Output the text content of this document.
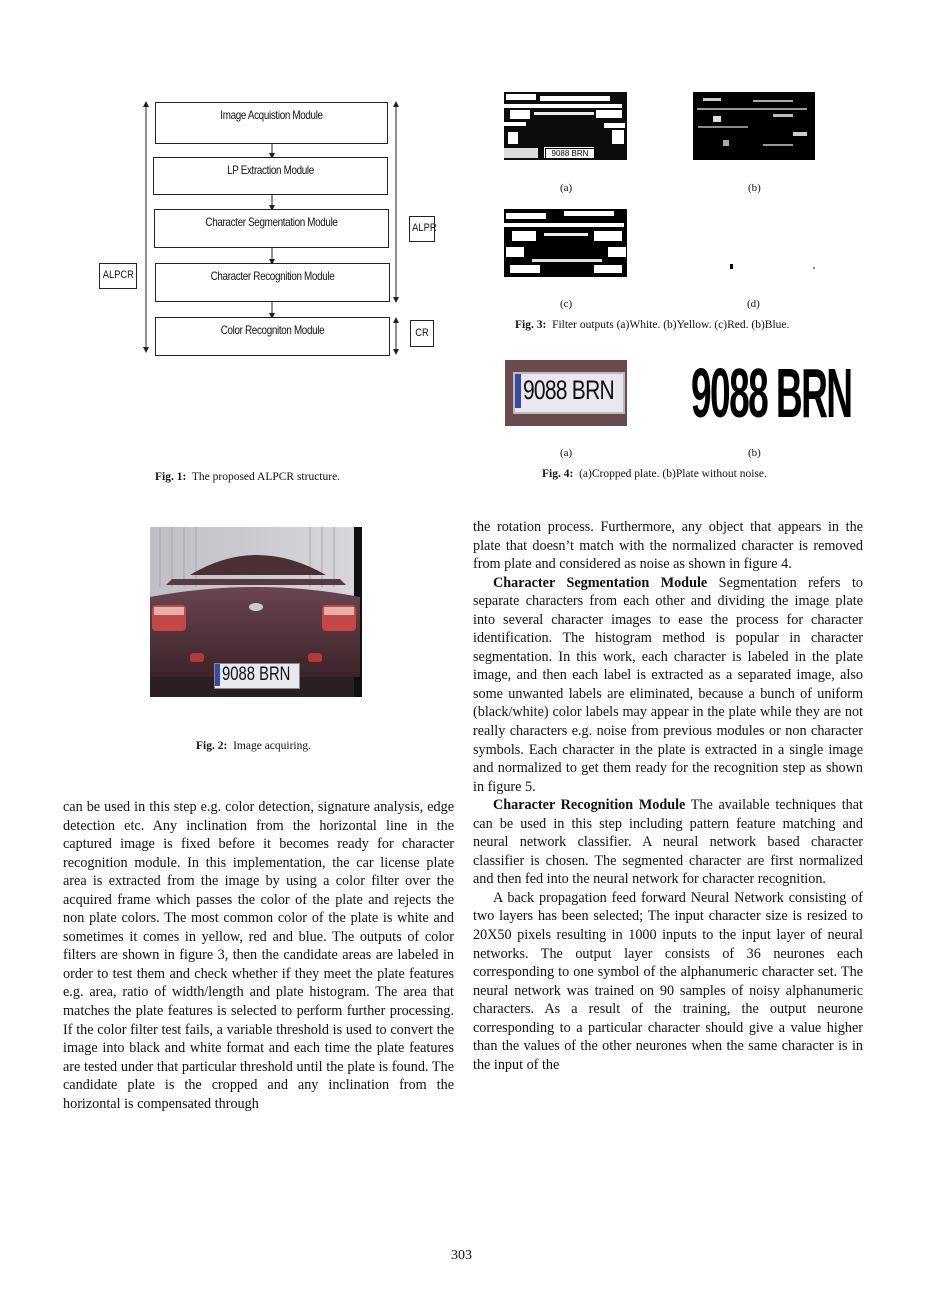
Image Acquistion Module
LP Extraction Module
Character Segmentation Module
Character Recognition Module
Color Recogniton Module
ALPCR
ALPR
CR
Fig. 1: The proposed ALPCR structure.
9088 BRN
(a)	(b)
(c)	(d)
Fig. 3: Filter outputs (a)White. (b)Yellow. (c)Red. (b)Blue.
9088 BRN 9088 BRN
(a)	(b)
Fig. 4: (a)Cropped plate. (b)Plate without noise.
9088 BRN
Fig. 2: Image acquiring.

can be used in this step e.g. color detection, signature analysis, edge detection etc. Any inclination from the horizontal line in the captured image is fixed before it becomes ready for character recognition module. In this implementation, the car license plate area is extracted from the image by using a color filter over the acquired frame which passes the color of the plate and rejects the non plate colors. The most common color of the plate is white and sometimes it comes in yellow, red and blue. The outputs of color filters are shown in figure 3, then the candidate areas are labeled in order to test them and check whether if they meet the plate features e.g. area, ratio of width/length and plate histogram. The area that matches the plate features is selected to perform further processing. If the color filter test fails, a variable threshold is used to convert the image into black and white format and each time the plate features are tested under that particular threshold until the plate is found. The candidate plate is the cropped and any inclination from the horizontal is compensated through

the rotation process. Furthermore, any object that appears in the plate that doesn’t match with the normalized character is removed from plate and considered as noise as shown in figure 4.

Character Segmentation Module Segmentation refers to separate characters from each other and dividing the image plate into several character images to ease the process for character identification. The histogram method is popular in character segmentation. In this work, each character is labeled in the plate image, and then each label is extracted as a separated image, also some unwanted labels are eliminated, because a bunch of uniform (black/white) color labels may appear in the plate while they are not really characters e.g. noise from previous modules or non character symbols. Each character in the plate is extracted in a single image and normalized to get them ready for the recognition step as shown in figure 5.

Character Recognition Module The available techniques that can be used in this step including pattern feature matching and neural network classifier. A neural network based character classifier is chosen. The segmented character are first normalized and then fed into the neural network for character recognition.

A back propagation feed forward Neural Network consisting of two layers has been selected; The input character size is resized to 20X50 pixels resulting in 1000 inputs to the input layer of neural networks. The output layer consists of 36 neurones each corresponding to one symbol of the alphanumeric character set. The neural network was trained on 90 samples of noisy alphanumeric characters. As a result of the training, the output neurone corresponding to a particular character should give a value higher than the values of the other neurones when the same character is in the input of the

303
